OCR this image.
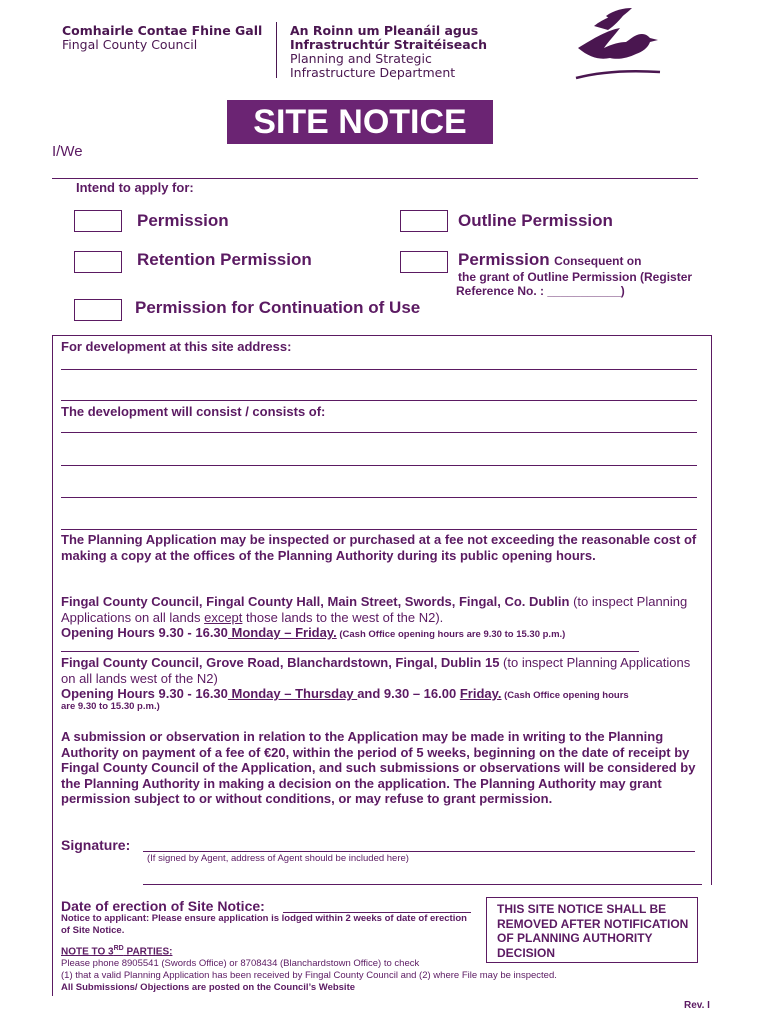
Comhairle Contae Fhine Gall
Fingal County Council
An Roinn um Pleanáil agus
Infrastruchtúr Straitéiseach
Planning and Strategic
Infrastructure Department
SITE NOTICE
I/We
Intend to apply for:
Permission	Outline Permission
Retention Permission	Permission Consequent on
the grant of Outline Permission (Register
Reference No. : ___________)
Permission for Continuation of Use
For development at this site address:
The development will consist / consists of:
The Planning Application may be inspected or purchased at a fee not exceeding the reasonable cost of making a copy at the offices of the Planning Authority during its public opening hours.
Fingal County Council, Fingal County Hall, Main Street, Swords, Fingal, Co. Dublin (to inspect Planning Applications on all lands except those lands to the west of the N2).
Opening Hours 9.30 - 16.30 Monday – Friday. (Cash Office opening hours are 9.30 to 15.30 p.m.)
Fingal County Council, Grove Road, Blanchardstown, Fingal, Dublin 15 (to inspect Planning Applications on all lands west of the N2)
Opening Hours 9.30 - 16.30 Monday – Thursday and 9.30 – 16.00 Friday. (Cash Office opening hours
are 9.30 to 15.30 p.m.)
A submission or observation in relation to the Application may be made in writing to the Planning Authority on payment of a fee of €20, within the period of 5 weeks, beginning on the date of receipt by Fingal County Council of the Application, and such submissions or observations will be considered by the Planning Authority in making a decision on the application. The Planning Authority may grant permission subject to or without conditions, or may refuse to grant permission.
Signature:
(If signed by Agent, address of Agent should be included here)
Date of erection of Site Notice:
Notice to applicant: Please ensure application is lodged within 2 weeks of date of erection of Site Notice.
THIS SITE NOTICE SHALL BE REMOVED AFTER NOTIFICATION OF PLANNING AUTHORITY DECISION
NOTE TO 3RD PARTIES:
Please phone 8905541 (Swords Office) or 8708434 (Blanchardstown Office) to check
(1) that a valid Planning Application has been received by Fingal County Council and (2) where File may be inspected.
All Submissions/ Objections are posted on the Council’s Website
Rev. I
